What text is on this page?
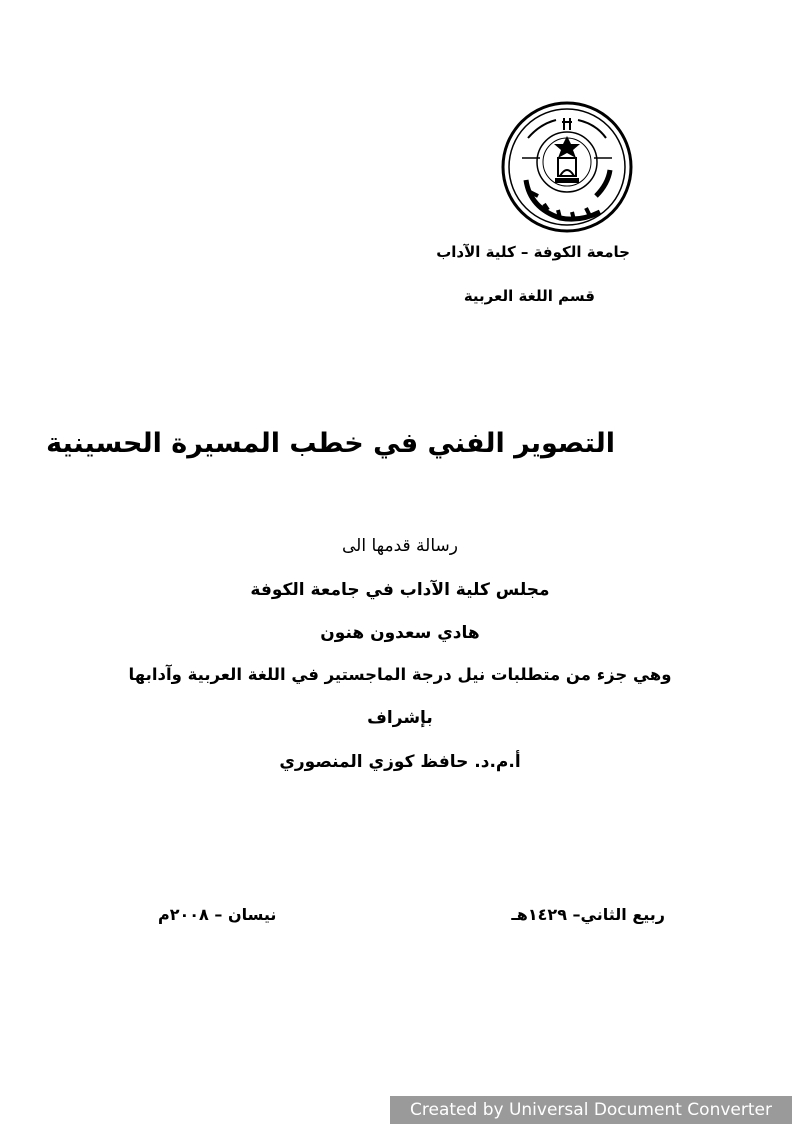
جامعة الكوفة – كلية الآداب
قسم اللغة العربية
التصوير الفني في خطب المسيرة الحسينية
رسالة قدمها الى
مجلس كلية الآداب في جامعة الكوفة
هادي سعدون هنون
وهي جزء من متطلبات نيل درجة الماجستير في اللغة العربية وآدابها
بإشراف
أ.م.د. حافظ كوزي المنصوري
ربيع الثاني– ١٤٢٩هـ
نيسان – ٢٠٠٨م
Created by Universal Document Converter
